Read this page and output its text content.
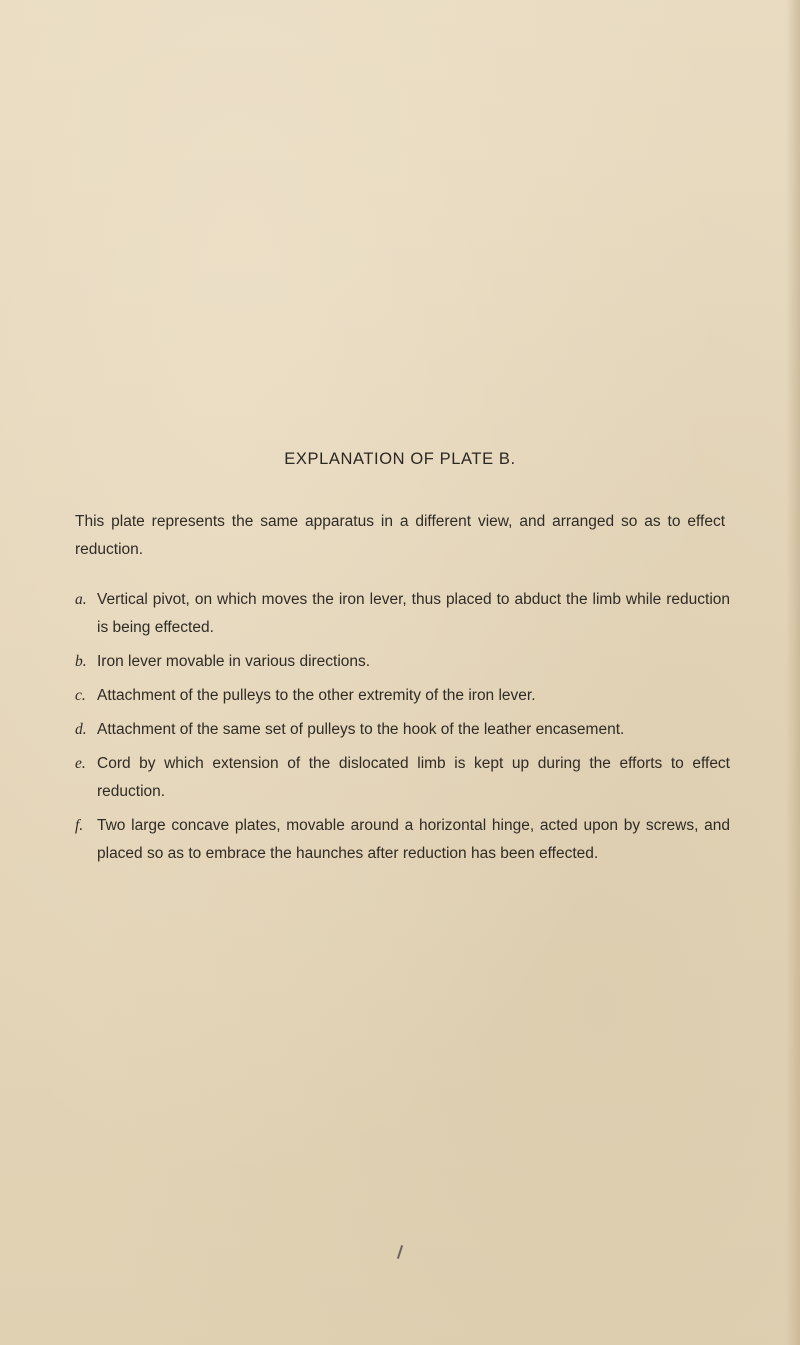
EXPLANATION OF PLATE B.
This plate represents the same apparatus in a different view, and arranged so as to effect reduction.
a. Vertical pivot, on which moves the iron lever, thus placed to abduct the limb while reduction is being effected.
b. Iron lever movable in various directions.
c. Attachment of the pulleys to the other extremity of the iron lever.
d. Attachment of the same set of pulleys to the hook of the leather encasement.
e. Cord by which extension of the dislocated limb is kept up during the efforts to effect reduction.
f. Two large concave plates, movable around a horizontal hinge, acted upon by screws, and placed so as to embrace the haunches after reduction has been effected.
